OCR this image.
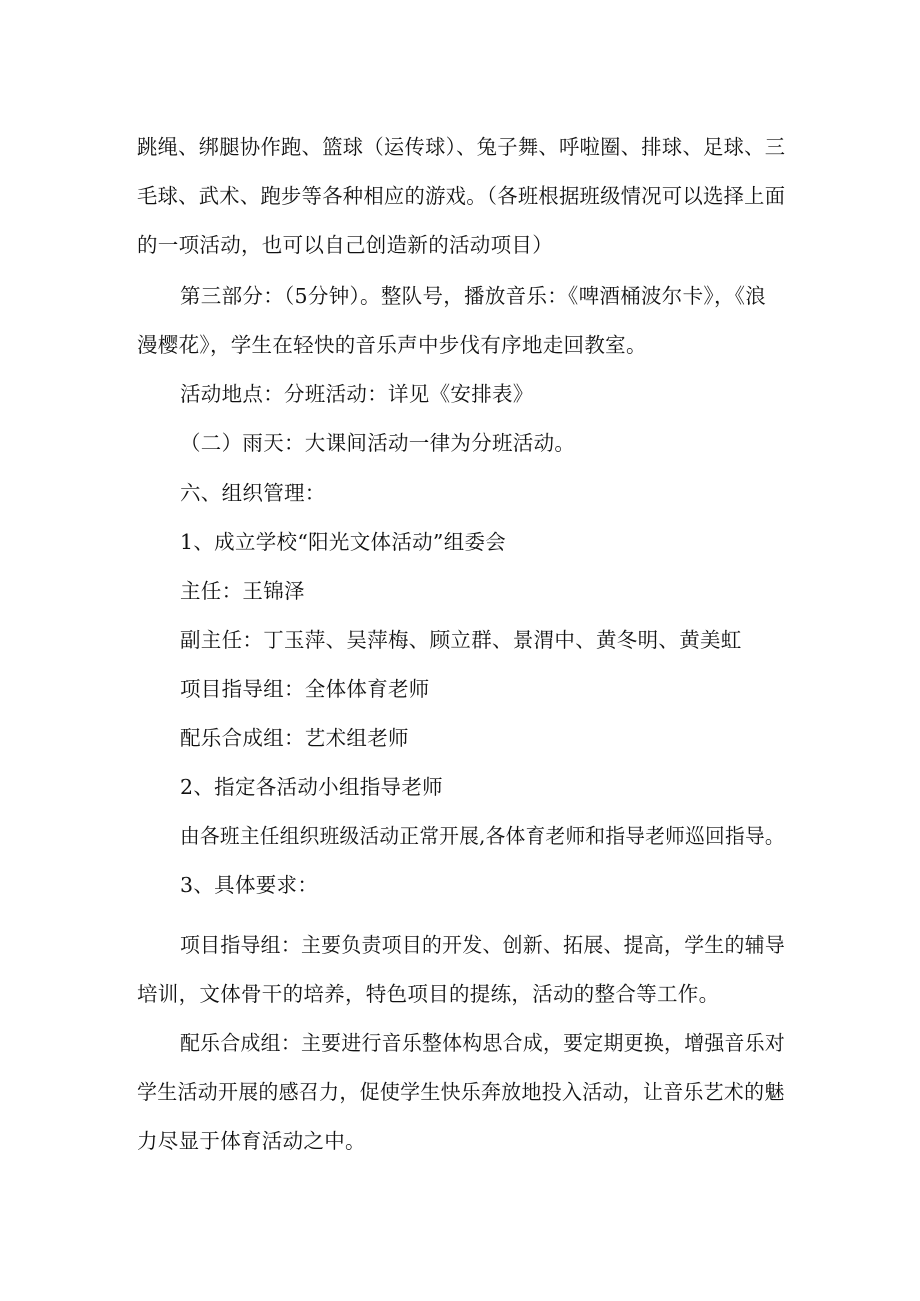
跳绳、绑腿协作跑、篮球（运传球）、兔子舞、呼啦圈、排球、足球、三
毛球、武术、跑步等各种相应的游戏。（各班根据班级情况可以选择上面
的一项活动，也可以自己创造新的活动项目）
第三部分：（5分钟）。整队号，播放音乐：《啤酒桶波尔卡》，《浪
漫樱花》，学生在轻快的音乐声中步伐有序地走回教室。
活动地点：分班活动：详见《安排表》
（二）雨天：大课间活动一律为分班活动。
六、组织管理：
1、成立学校“阳光文体活动”组委会
主任：王锦泽
副主任：丁玉萍、吴萍梅、顾立群、景渭中、黄冬明、黄美虹
项目指导组：全体体育老师
配乐合成组：艺术组老师
2、指定各活动小组指导老师
由各班主任组织班级活动正常开展,各体育老师和指导老师巡回指导。
3、具体要求：
项目指导组：主要负责项目的开发、创新、拓展、提高，学生的辅导
培训，文体骨干的培养，特色项目的提练，活动的整合等工作。
配乐合成组：主要进行音乐整体构思合成，要定期更换，增强音乐对
学生活动开展的感召力，促使学生快乐奔放地投入活动，让音乐艺术的魅
力尽显于体育活动之中。
